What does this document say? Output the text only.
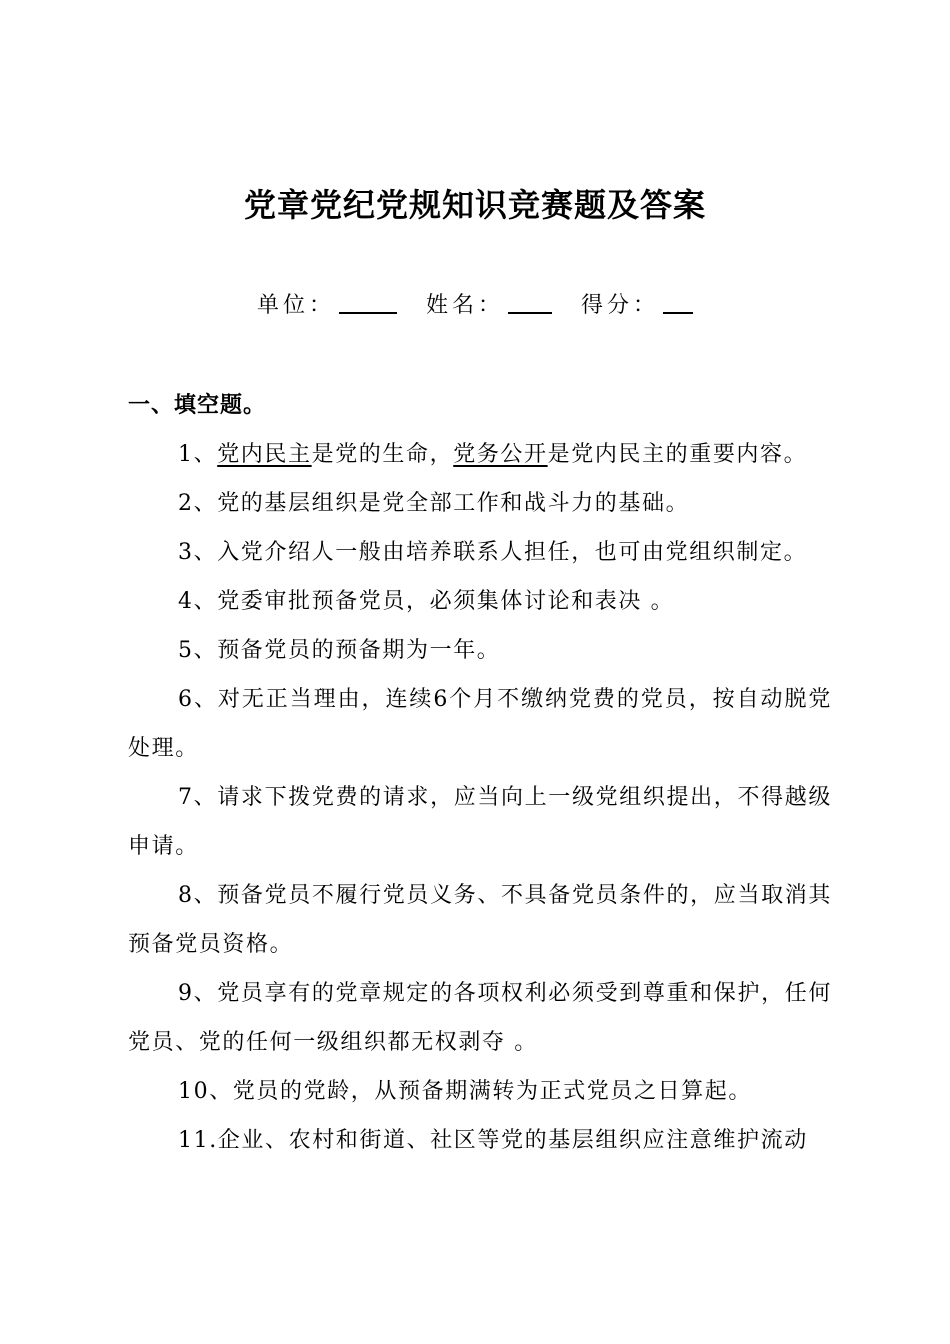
党章党纪党规知识竞赛题及答案
单位：	姓名：	得分：
一、填空题。

1、党内民主是党的生命，党务公开是党内民主的重要内容。

2、党的基层组织是党全部工作和战斗力的基础。

3、入党介绍人一般由培养联系人担任，也可由党组织制定。

4、党委审批预备党员，必须集体讨论和表决 。

5、预备党员的预备期为一年。

6、对无正当理由，连续6个月不缴纳党费的党员，按自动脱党 处理。

7、请求下拨党费的请求，应当向上一级党组织提出，不得越级申请。

8、预备党员不履行党员义务、不具备党员条件的，应当取消其预备党员资格。

9、党员享有的党章规定的各项权利必须受到尊重和保护，任何党员、党的任何一级组织都无权剥夺 。

10、党员的党龄，从预备期满转为正式党员之日算起。

11.企业、农村和街道、社区等党的基层组织应注意维护流动
